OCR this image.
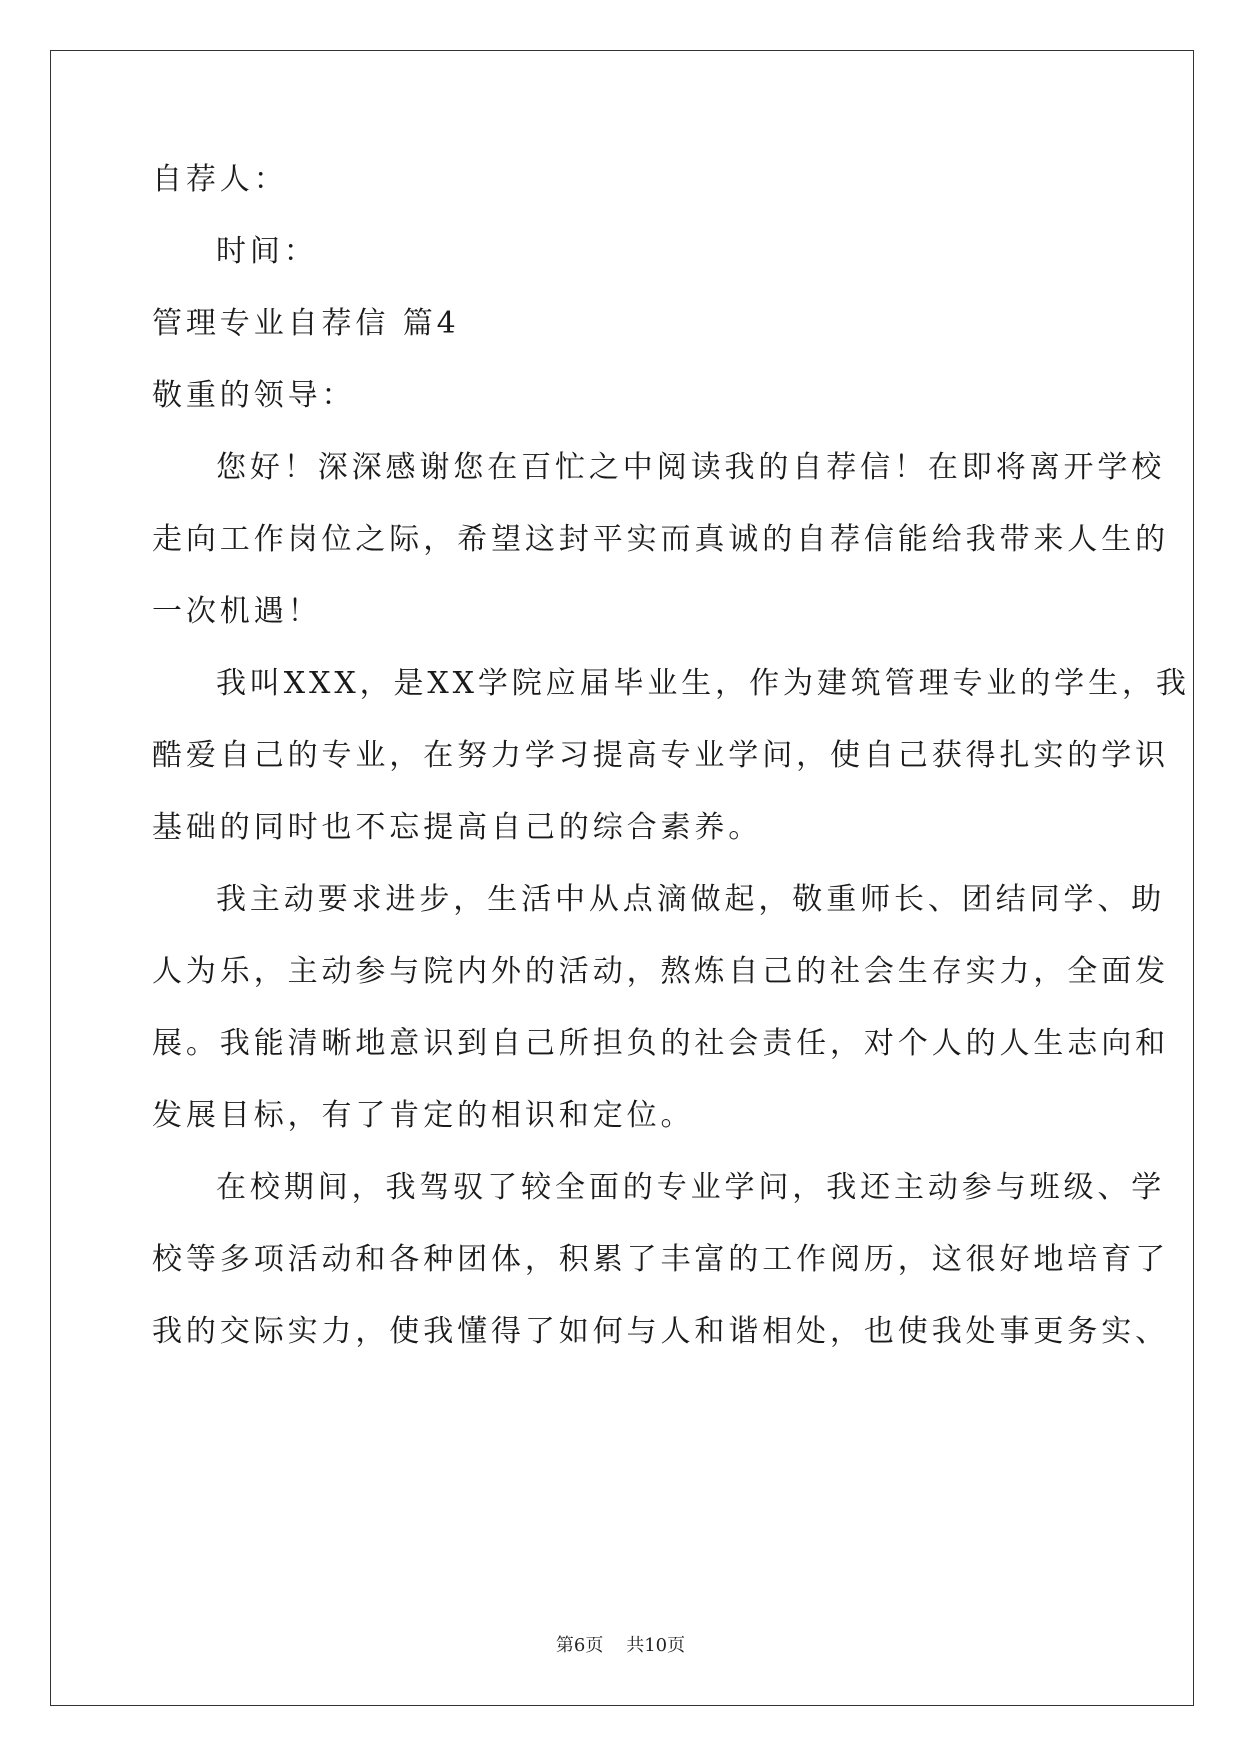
自荐人：
时间：
管理专业自荐信 篇4
敬重的领导：
您好！深深感谢您在百忙之中阅读我的自荐信！在即将离开学校
走向工作岗位之际，希望这封平实而真诚的自荐信能给我带来人生的
一次机遇！
我叫XXX，是XX学院应届毕业生，作为建筑管理专业的学生，我
酷爱自己的专业，在努力学习提高专业学问，使自己获得扎实的学识
基础的同时也不忘提高自己的综合素养。
我主动要求进步，生活中从点滴做起，敬重师长、团结同学、助
人为乐，主动参与院内外的活动，熬炼自己的社会生存实力，全面发
展。我能清晰地意识到自己所担负的社会责任，对个人的人生志向和
发展目标，有了肯定的相识和定位。
在校期间，我驾驭了较全面的专业学问，我还主动参与班级、学
校等多项活动和各种团体，积累了丰富的工作阅历，这很好地培育了
我的交际实力，使我懂得了如何与人和谐相处，也使我处事更务实、
第6页 共10页
